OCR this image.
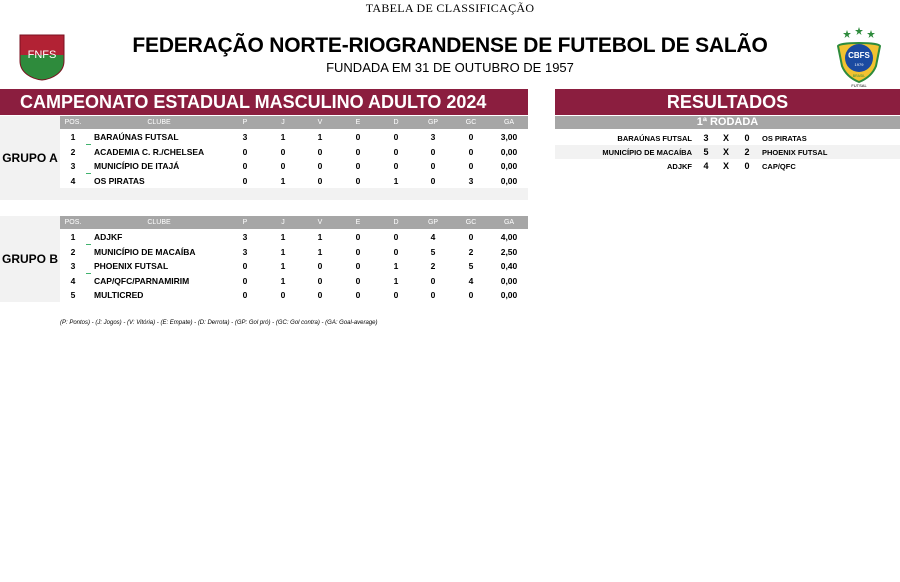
TABELA DE CLASSIFICAÇÃO
FEDERAÇÃO NORTE-RIOGRANDENSE DE FUTEBOL DE SALÃO
FUNDADA EM 31 DE OUTUBRO DE 1957
FNFS	CBFS
1979
BRASIL
FUTSAL
CAMPEONATO ESTADUAL MASCULINO ADULTO 2024	RESULTADOS
GRUPO A
POS.	CLUBE	P	J	V	E	D	GP	GC	GA
1	BARAÚNAS FUTSAL	3	1	1	0	0	3	0	3,00
2	ACADEMIA C. R./CHELSEA	0	0	0	0	0	0	0	0,00
3	MUNICÍPIO DE ITAJÁ	0	0	0	0	0	0	0	0,00
4	OS PIRATAS	0	1	0	0	1	0	3	0,00
GRUPO B
POS.	CLUBE	P	J	V	E	D	GP	GC	GA
1	ADJKF	3	1	1	0	0	4	0	4,00
2	MUNICÍPIO DE MACAÍBA	3	1	1	0	0	5	2	2,50
3	PHOENIX FUTSAL	0	1	0	0	1	2	5	0,40
4	CAP/QFC/PARNAMIRIM	0	1	0	0	1	0	4	0,00
5	MULTICRED	0	0	0	0	0	0	0	0,00
1ª RODADA
BARAÚNAS FUTSAL 3 X 0	OS PIRATAS
MUNICÍPIO DE MACAÍBA 5 X 2	PHOENIX FUTSAL
ADJKF 4 X 0	CAP/QFC
(P: Pontos) - (J: Jogos) - (V: Vitória) - (E: Empate) - (D: Derrota) - (GP: Gol pró) - (GC: Gol contra) - (GA: Goal-average)
